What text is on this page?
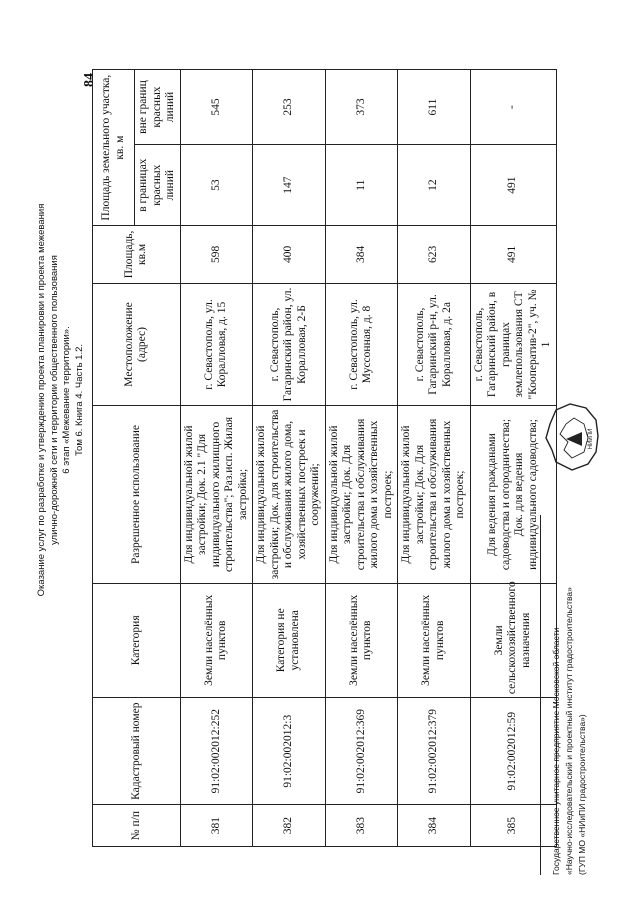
Оказание услуг по разработке и утверждению проекта планировки и проекта межевания улично-дорожной сети и территории общественного пользования 6 этап «Межевание территории». Том 6. Книга 4. Часть 1.2.
84
№ п/п	Кадастровый номер	Категория	Разрешенное использование	Местоположение (адрес)	Площадь, кв.м	Площадь земельного участка, кв. м	
						в границах красных линий	вне границ красных линий
381	91:02:002012:252	Земли населённых пунктов	Для индивидуальной жилой застройки; Док. 2.1 "Для индивидуального жилищного строительства"; Раз.исп. Жилая застройка;	г. Севастополь, ул. Коралловая, д. 15	598	53	545
382	91:02:002012:3	Категория не установлена	Для индивидуальной жилой застройки; Док. для строительства и обслуживания жилого дома, хозяйственных построек и сооружений;	г. Севастополь, Гагаринский район, ул. Коралловая, 2-Б	400	147	253
383	91:02:002012:369	Земли населённых пунктов	Для индивидуальной жилой застройки; Док. Для строительства и обслуживания жилого дома и хозяйственных построек;	г. Севастополь, ул. Муссонная, д. 8	384	11	373
384	91:02:002012:379	Земли населённых пунктов	Для индивидуальной жилой застройки; Док. Для строительства и обслуживания жилого дома и хозяйственных построек;	г. Севастополь, Гагаринский р-н, ул. Коралловая, д. 2а	623	12	611
385	91:02:002012:59	Земли сельскохозяйственного назначения	Для ведения гражданами садоводства и огородничества; Док. для ведения индивидуального садоводства;	г. Севастополь, Гагаринский район, в границах землепользования СТ "Кооператив-2", уч. № 1	491	491	-
Государственное унитарное предприятие Московской области «Научно-исследовательский и проектный институт градостроительства» (ГУП МО «НИиПИ градостроительства»)
НИиПИ
